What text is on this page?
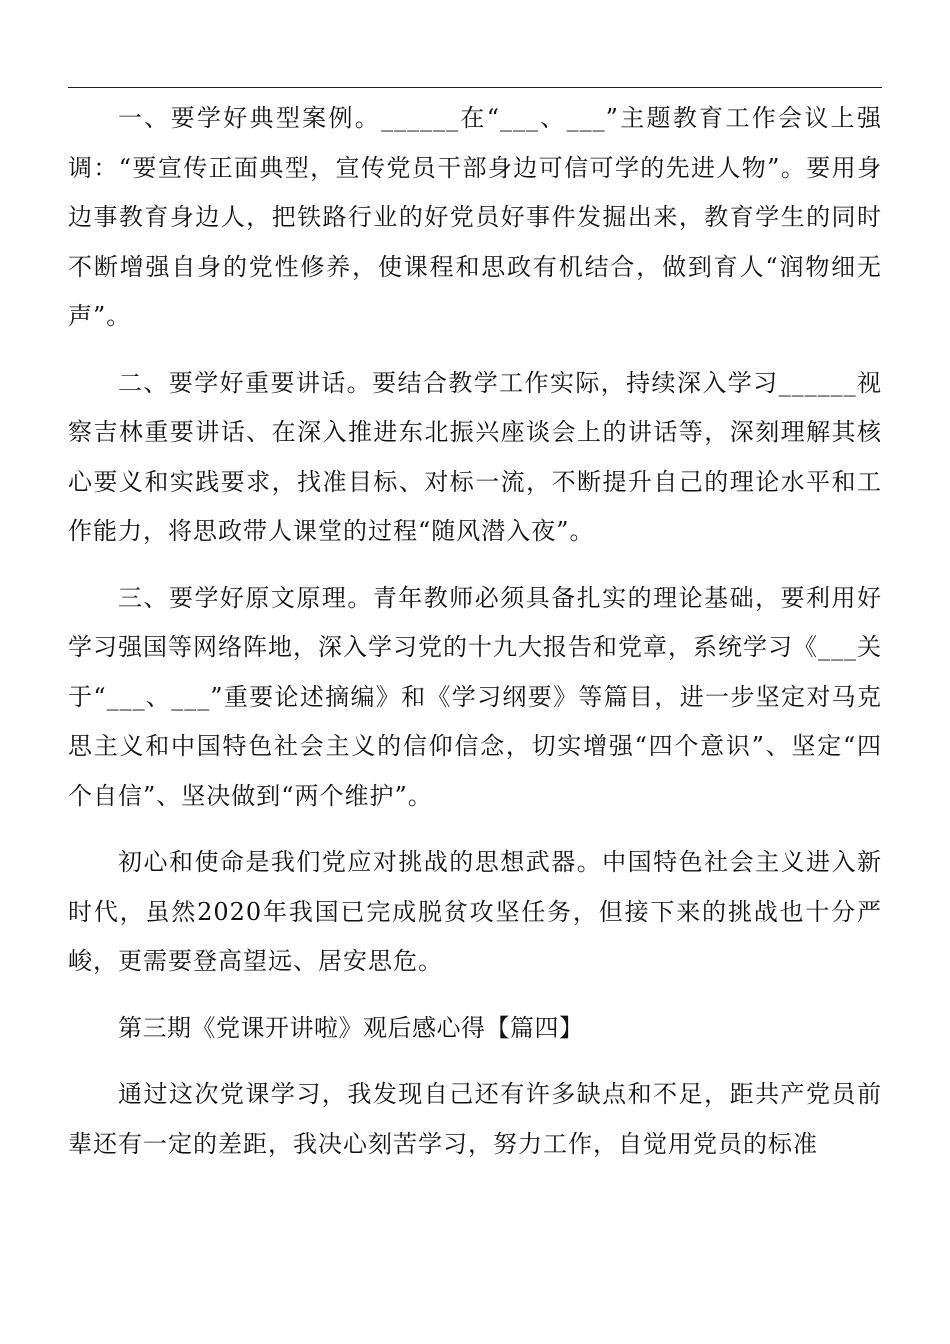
一、要学好典型案例。______在“___、___”主题教育工作会议上强调：“要宣传正面典型，宣传党员干部身边可信可学的先进人物”。要用身边事教育身边人，把铁路行业的好党员好事件发掘出来，教育学生的同时不断增强自身的党性修养，使课程和思政有机结合，做到育人“润物细无声”。

二、要学好重要讲话。要结合教学工作实际，持续深入学习______视察吉林重要讲话、在深入推进东北振兴座谈会上的讲话等，深刻理解其核心要义和实践要求，找准目标、对标一流，不断提升自己的理论水平和工作能力，将思政带人课堂的过程“随风潜入夜”。

三、要学好原文原理。青年教师必须具备扎实的理论基础，要利用好学习强国等网络阵地，深入学习党的十九大报告和党章，系统学习《___关于“___、___”重要论述摘编》和《学习纲要》等篇目，进一步坚定对马克思主义和中国特色社会主义的信仰信念，切实增强“四个意识”、坚定“四个自信”、坚决做到“两个维护”。

初心和使命是我们党应对挑战的思想武器。中国特色社会主义进入新时代，虽然2020年我国已完成脱贫攻坚任务，但接下来的挑战也十分严峻，更需要登高望远、居安思危。

第三期《党课开讲啦》观后感心得【篇四】

通过这次党课学习，我发现自己还有许多缺点和不足，距共产党员前辈还有一定的差距，我决心刻苦学习，努力工作，自觉用党员的标准
